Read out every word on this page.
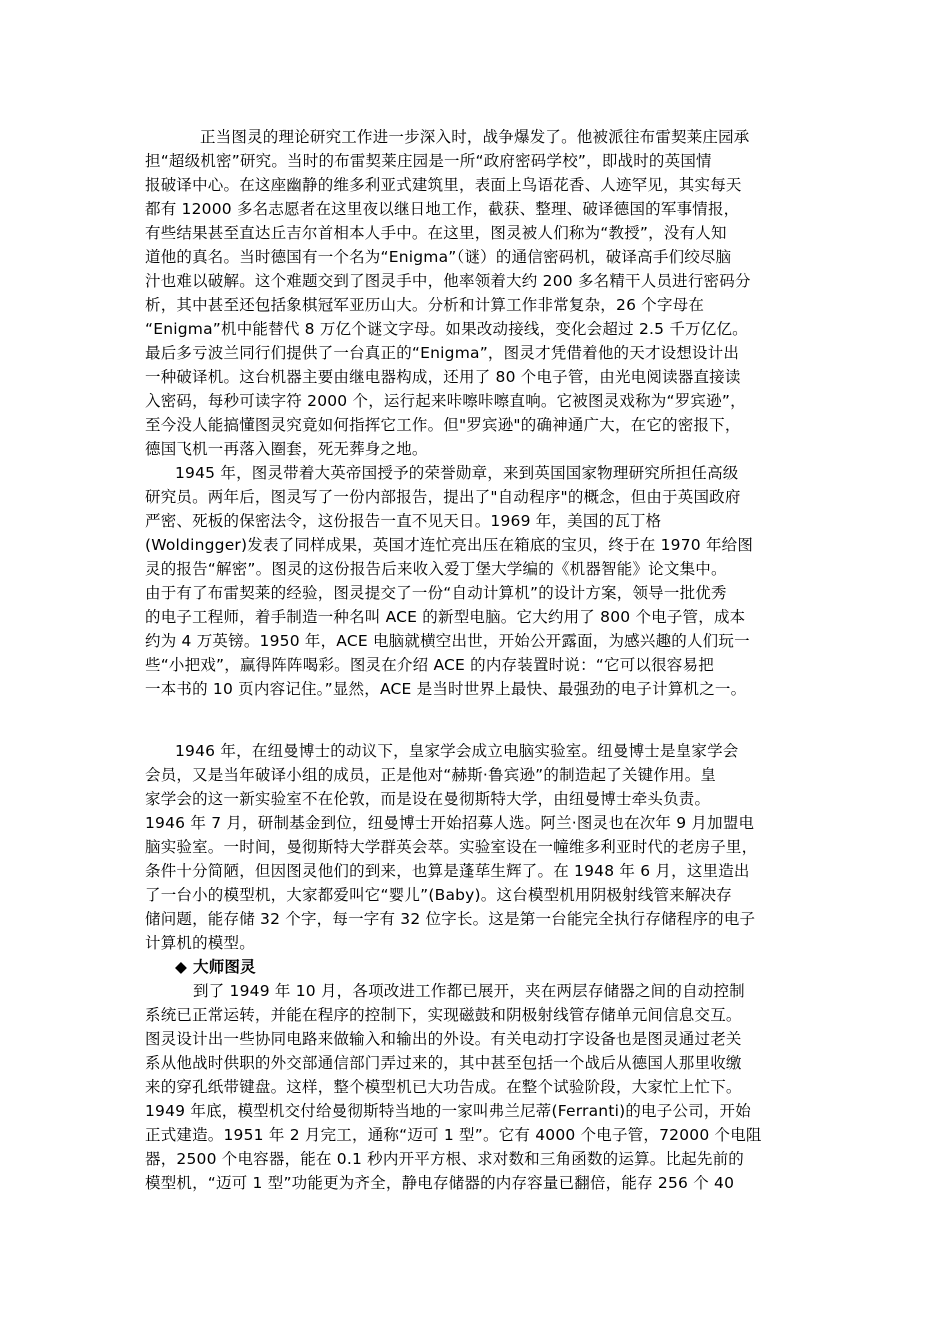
正当图灵的理论研究工作进一步深入时，战争爆发了。他被派往布雷契莱庄园承
担“超级机密”研究。当时的布雷契莱庄园是一所“政府密码学校”，即战时的英国情
报破译中心。在这座幽静的维多利亚式建筑里，表面上鸟语花香、人迹罕见，其实每天
都有 12000 多名志愿者在这里夜以继日地工作，截获、整理、破译德国的军事情报，
有些结果甚至直达丘吉尔首相本人手中。在这里，图灵被人们称为“教授”，没有人知
道他的真名。当时德国有一个名为“Enigma”（谜）的通信密码机，破译高手们绞尽脑
汁也难以破解。这个难题交到了图灵手中，他率领着大约 200 多名精干人员进行密码分
析，其中甚至还包括象棋冠军亚历山大。分析和计算工作非常复杂，26 个字母在
“Enigma”机中能替代 8 万亿个谜文字母。如果改动接线，变化会超过 2.5 千万亿亿。
最后多亏波兰同行们提供了一台真正的“Enigma”，图灵才凭借着他的天才设想设计出
一种破译机。这台机器主要由继电器构成，还用了 80 个电子管，由光电阅读器直接读
入密码，每秒可读字符 2000 个，运行起来咔嚓咔嚓直响。它被图灵戏称为“罗宾逊”，
至今没人能搞懂图灵究竟如何指挥它工作。但"罗宾逊"的确神通广大，在它的密报下，
德国飞机一再落入圈套，死无葬身之地。
1945 年，图灵带着大英帝国授予的荣誉勋章，来到英国国家物理研究所担任高级
研究员。两年后，图灵写了一份内部报告，提出了"自动程序"的概念，但由于英国政府
严密、死板的保密法令，这份报告一直不见天日。1969 年，美国的瓦丁格
(Woldingger)发表了同样成果，英国才连忙亮出压在箱底的宝贝，终于在 1970 年给图
灵的报告“解密”。图灵的这份报告后来收入爱丁堡大学编的《机器智能》论文集中。
由于有了布雷契莱的经验，图灵提交了一份“自动计算机”的设计方案，领导一批优秀
的电子工程师，着手制造一种名叫 ACE 的新型电脑。它大约用了 800 个电子管，成本
约为 4 万英镑。1950 年，ACE 电脑就横空出世，开始公开露面，为感兴趣的人们玩一
些“小把戏”，赢得阵阵喝彩。图灵在介绍 ACE 的内存装置时说：“它可以很容易把
一本书的 10 页内容记住。”显然，ACE 是当时世界上最快、最强劲的电子计算机之一。
1946 年，在纽曼博士的动议下，皇家学会成立电脑实验室。纽曼博士是皇家学会
会员，又是当年破译小组的成员，正是他对“赫斯·鲁宾逊”的制造起了关键作用。皇
家学会的这一新实验室不在伦敦，而是设在曼彻斯特大学，由纽曼博士牵头负责。
1946 年 7 月，研制基金到位，纽曼博士开始招募人选。阿兰·图灵也在次年 9 月加盟电
脑实验室。一时间，曼彻斯特大学群英会萃。实验室设在一幢维多利亚时代的老房子里，
条件十分简陋，但因图灵他们的到来，也算是蓬荜生辉了。在 1948 年 6 月，这里造出
了一台小的模型机，大家都爱叫它“婴儿”(Baby)。这台模型机用阴极射线管来解决存
储问题，能存储 32 个字，每一字有 32 位字长。这是第一台能完全执行存储程序的电子
计算机的模型。
◆ 大师图灵
到了 1949 年 10 月，各项改进工作都已展开，夹在两层存储器之间的自动控制
系统已正常运转，并能在程序的控制下，实现磁鼓和阴极射线管存储单元间信息交互。
图灵设计出一些协同电路来做输入和输出的外设。有关电动打字设备也是图灵通过老关
系从他战时供职的外交部通信部门弄过来的，其中甚至包括一个战后从德国人那里收缴
来的穿孔纸带键盘。这样，整个模型机已大功告成。在整个试验阶段，大家忙上忙下。
1949 年底，模型机交付给曼彻斯特当地的一家叫弗兰尼蒂(Ferranti)的电子公司，开始
正式建造。1951 年 2 月完工，通称“迈可 1 型”。它有 4000 个电子管，72000 个电阻
器，2500 个电容器，能在 0.1 秒内开平方根、求对数和三角函数的运算。比起先前的
模型机，“迈可 1 型”功能更为齐全，静电存储器的内存容量已翻倍，能存 256 个 40
